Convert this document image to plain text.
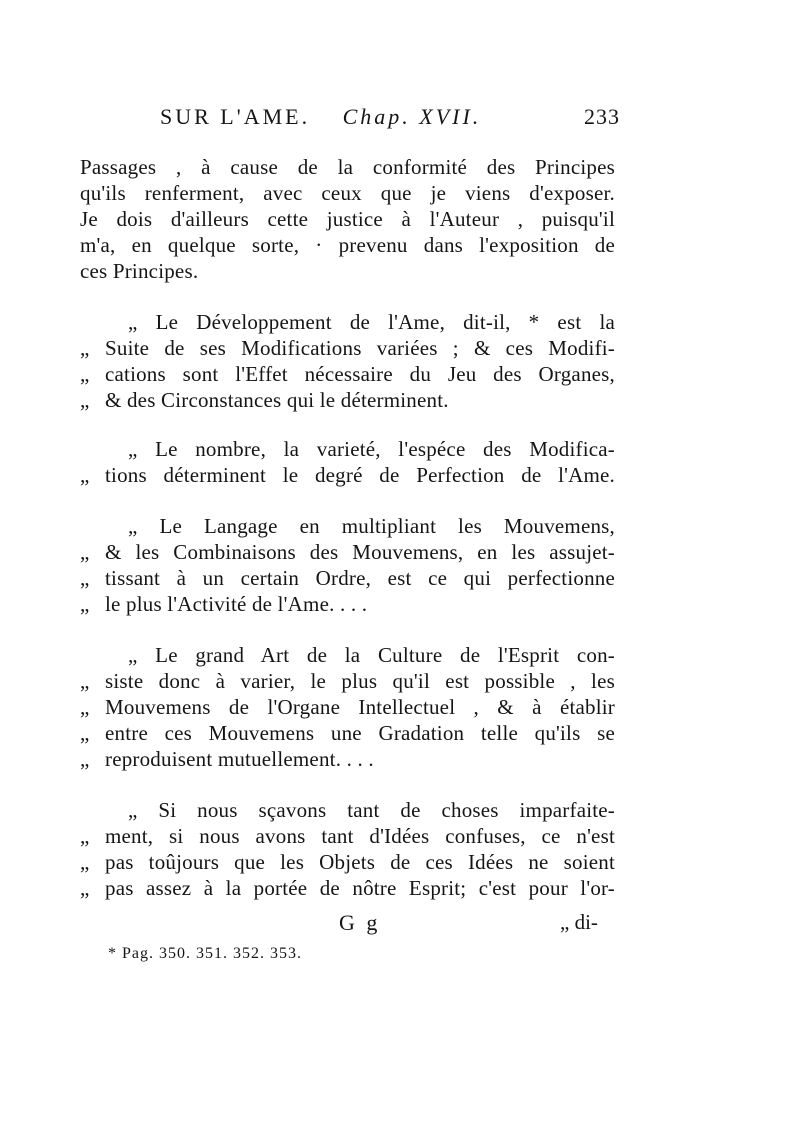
SUR L'AME. Chap. XVII.	233
Passages , à cause de la conformité des Principes
qu'ils renferment, avec ceux que je viens d'exposer.
Je dois d'ailleurs cette justice à l'Auteur , puisqu'il
m'a, en quelque sorte, · prevenu dans l'exposition de
ces Principes.
„ Le Développement de l'Ame, dit-il, * est la
„ Suite de ses Modifications variées ; & ces Modifi-
„ cations sont l'Effet nécessaire du Jeu des Organes,
„ & des Circonstances qui le déterminent.
„ Le nombre, la varieté, l'espéce des Modifica-
„ tions déterminent le degré de Perfection de l'Ame.
„ Le Langage en multipliant les Mouvemens,
„ & les Combinaisons des Mouvemens, en les assujet-
„ tissant à un certain Ordre, est ce qui perfectionne
„ le plus l'Activité de l'Ame. . . .
„ Le grand Art de la Culture de l'Esprit con-
„ siste donc à varier, le plus qu'il est possible , les
„ Mouvemens de l'Organe Intellectuel , & à établir
„ entre ces Mouvemens une Gradation telle qu'ils se
„ reproduisent mutuellement. . . .
„ Si nous sçavons tant de choses imparfaite-
„ ment, si nous avons tant d'Idées confuses, ce n'est
„ pas toûjours que les Objets de ces Idées ne soient
„ pas assez à la portée de nôtre Esprit; c'est pour l'or-
G g	„ di-
* Pag. 350. 351. 352. 353.
